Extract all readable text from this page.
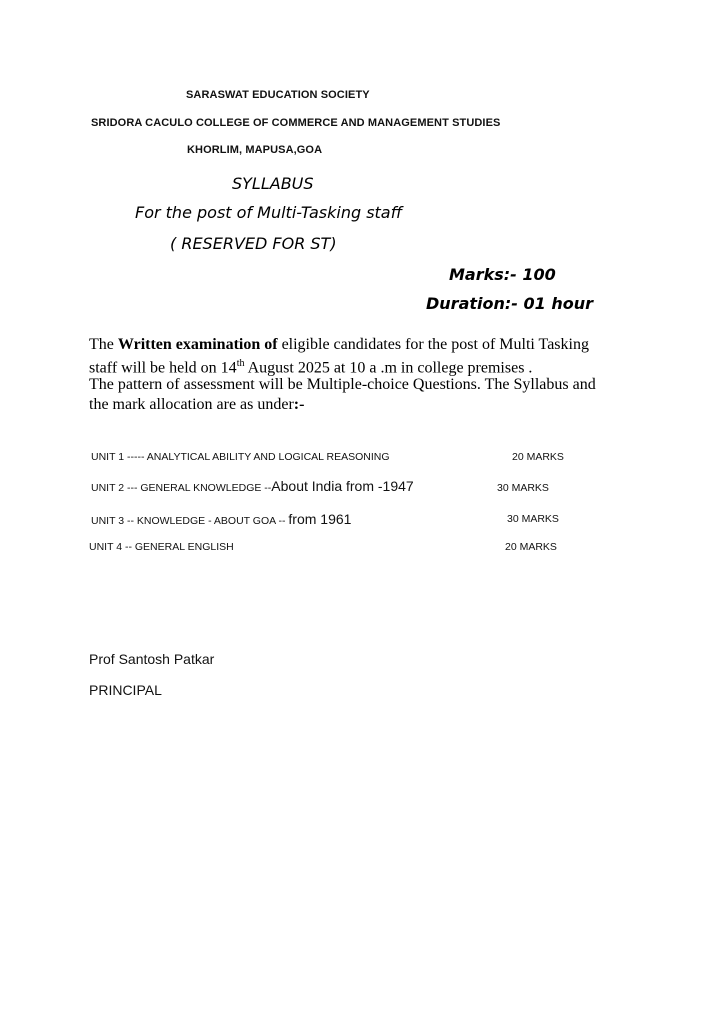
SARASWAT EDUCATION SOCIETY
SRIDORA CACULO COLLEGE OF COMMERCE AND MANAGEMENT STUDIES
KHORLIM, MAPUSA,GOA
SYLLABUS
For the post of Multi-Tasking staff
( RESERVED FOR ST)
Marks:- 100
Duration:- 01 hour
The Written examination of eligible candidates for the post of Multi Tasking
staff will be held on 14th August 2025 at 10 a .m in college premises .
The pattern of assessment will be Multiple-choice Questions. The Syllabus and
the mark allocation are as under:-
UNIT 1 ----- ANALYTICAL ABILITY AND LOGICAL REASONING	20 MARKS
UNIT 2 --- GENERAL KNOWLEDGE --About India from -1947	30 MARKS
UNIT 3 -- KNOWLEDGE - ABOUT GOA -- from 1961	30 MARKS
UNIT 4 -- GENERAL ENGLISH	20 MARKS
Prof Santosh Patkar
PRINCIPAL
